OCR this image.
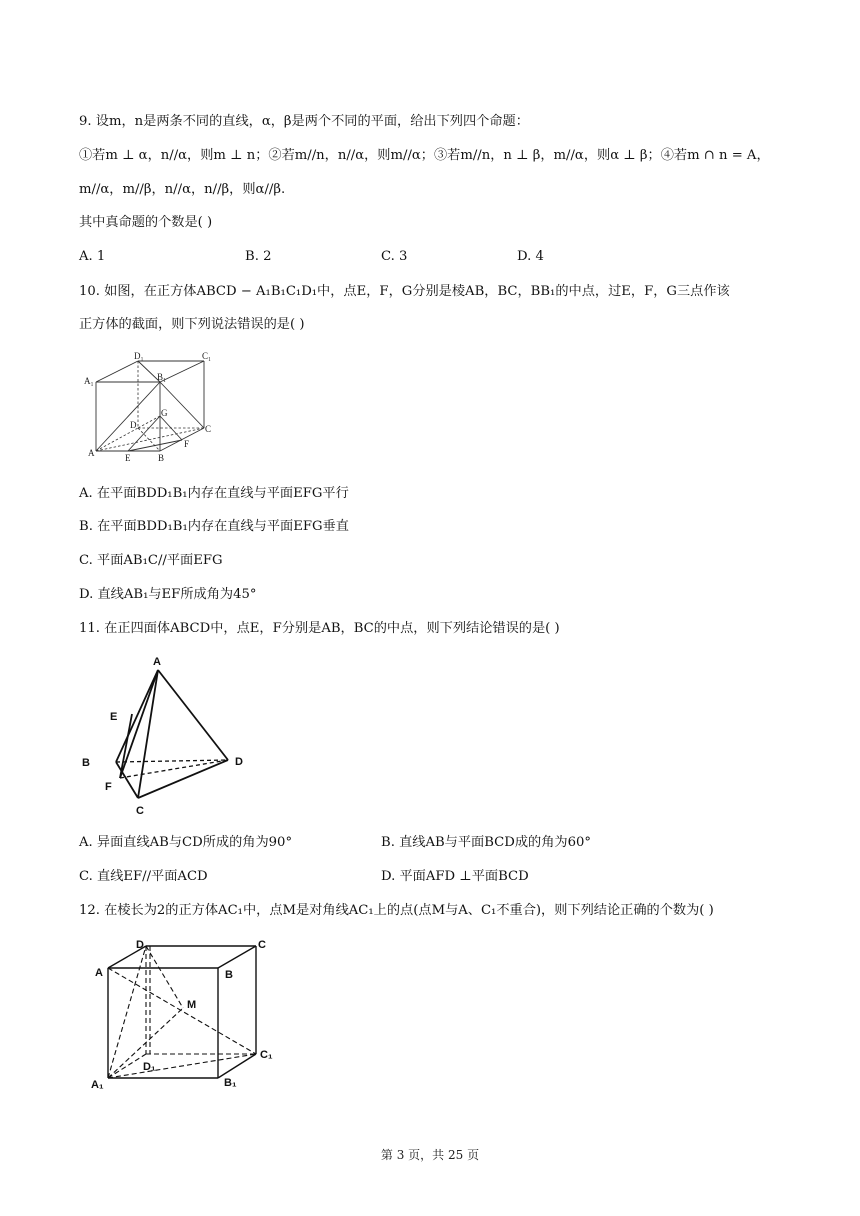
9. 设m，n是两条不同的直线，α，β是两个不同的平面，给出下列四个命题：
①若m ⊥ α，n//α，则m ⊥ n；②若m//n，n//α，则m//α；③若m//n，n ⊥ β，m//α，则α ⊥ β；④若m ∩ n = A，
m//α，m//β，n//α，n//β，则α//β.
其中真命题的个数是( )
A. 1	B. 2	C. 3	D. 4
10. 如图，在正方体ABCD − A₁B₁C₁D₁中，点E，F，G分别是棱AB，BC，BB₁的中点，过E，F，G三点作该
正方体的截面，则下列说法错误的是( )
D₁	C₁
A₁	B₁
G
D	C
F
A	E	B
A. 在平面BDD₁B₁内存在直线与平面EFG平行
B. 在平面BDD₁B₁内存在直线与平面EFG垂直
C. 平面AB₁C//平面EFG
D. 直线AB₁与EF所成角为45°
11. 在正四面体ABCD中，点E，F分别是AB，BC的中点，则下列结论错误的是( )
A
E
B	D
F
C
A. 异面直线AB与CD所成的角为90°	B. 直线AB与平面BCD成的角为60°
C. 直线EF//平面ACD	D. 平面AFD ⊥平面BCD
12. 在棱长为2的正方体AC₁中，点M是对角线AC₁上的点(点M与A、C₁不重合)，则下列结论正确的个数为( )
D	C
A	B
M
C₁
D₁
A₁	B₁
第 3 页，共 25 页
